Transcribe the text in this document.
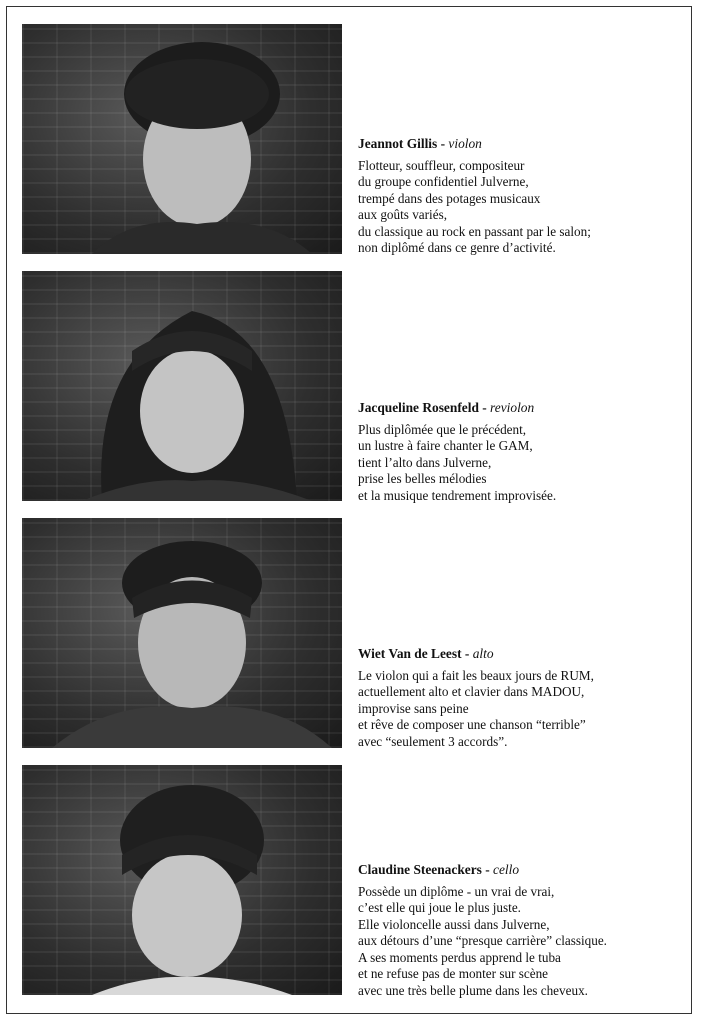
Jeannot Gillis - violon

Flotteur, souffleur, compositeur
du groupe confidentiel Julverne,
trempé dans des potages musicaux
aux goûts variés,
du classique au rock en passant par le salon;
non diplômé dans ce genre d’activité.

Jacqueline Rosenfeld - reviolon

Plus diplômée que le précédent,
un lustre à faire chanter le GAM,
tient l’alto dans Julverne,
prise les belles mélodies
et la musique tendrement improvisée.

Wiet Van de Leest - alto

Le violon qui a fait les beaux jours de RUM,
actuellement alto et clavier dans MADOU,
improvise sans peine
et rêve de composer une chanson “terrible”
avec “seulement 3 accords”.

Claudine Steenackers - cello

Possède un diplôme - un vrai de vrai,
c’est elle qui joue le plus juste.
Elle violoncelle aussi dans Julverne,
aux détours d’une “presque carrière” classique.
A ses moments perdus apprend le tuba
et ne refuse pas de monter sur scène
avec une très belle plume dans les cheveux.
